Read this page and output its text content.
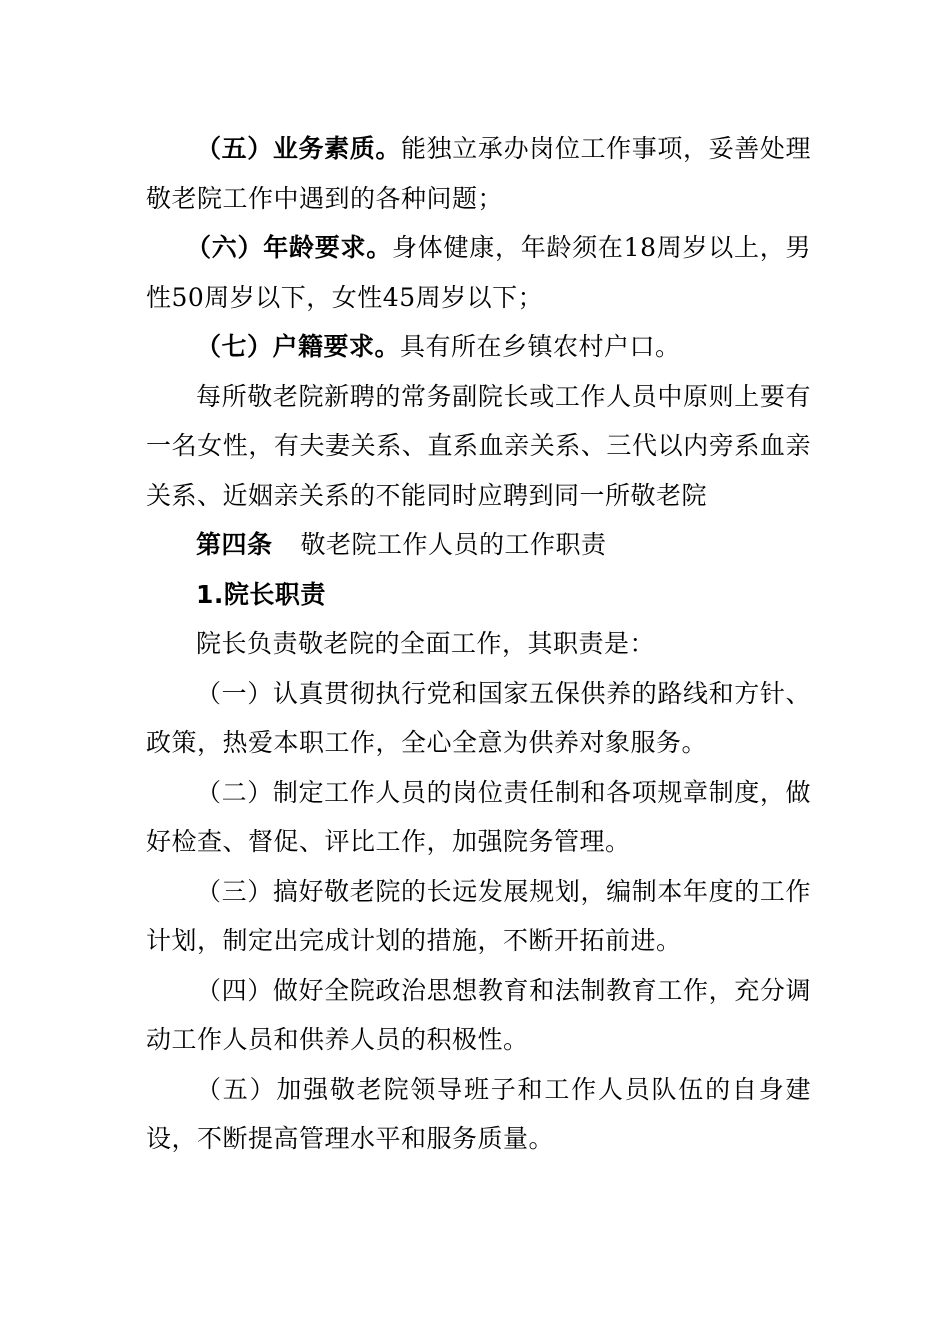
（五）业务素质。能独立承办岗位工作事项，妥善处理敬老院工作中遇到的各种问题；

（六）年龄要求。身体健康，年龄须在18周岁以上，男性50周岁以下，女性45周岁以下；

（七）户籍要求。具有所在乡镇农村户口。

每所敬老院新聘的常务副院长或工作人员中原则上要有一名女性，有夫妻关系、直系血亲关系、三代以内旁系血亲关系、近姻亲关系的不能同时应聘到同一所敬老院

第四条 敬老院工作人员的工作职责

1.院长职责

院长负责敬老院的全面工作，其职责是：

（一）认真贯彻执行党和国家五保供养的路线和方针、政策，热爱本职工作，全心全意为供养对象服务。

（二）制定工作人员的岗位责任制和各项规章制度，做好检查、督促、评比工作，加强院务管理。

（三）搞好敬老院的长远发展规划，编制本年度的工作计划，制定出完成计划的措施，不断开拓前进。

（四）做好全院政治思想教育和法制教育工作，充分调动工作人员和供养人员的积极性。

（五）加强敬老院领导班子和工作人员队伍的自身建设，不断提高管理水平和服务质量。
